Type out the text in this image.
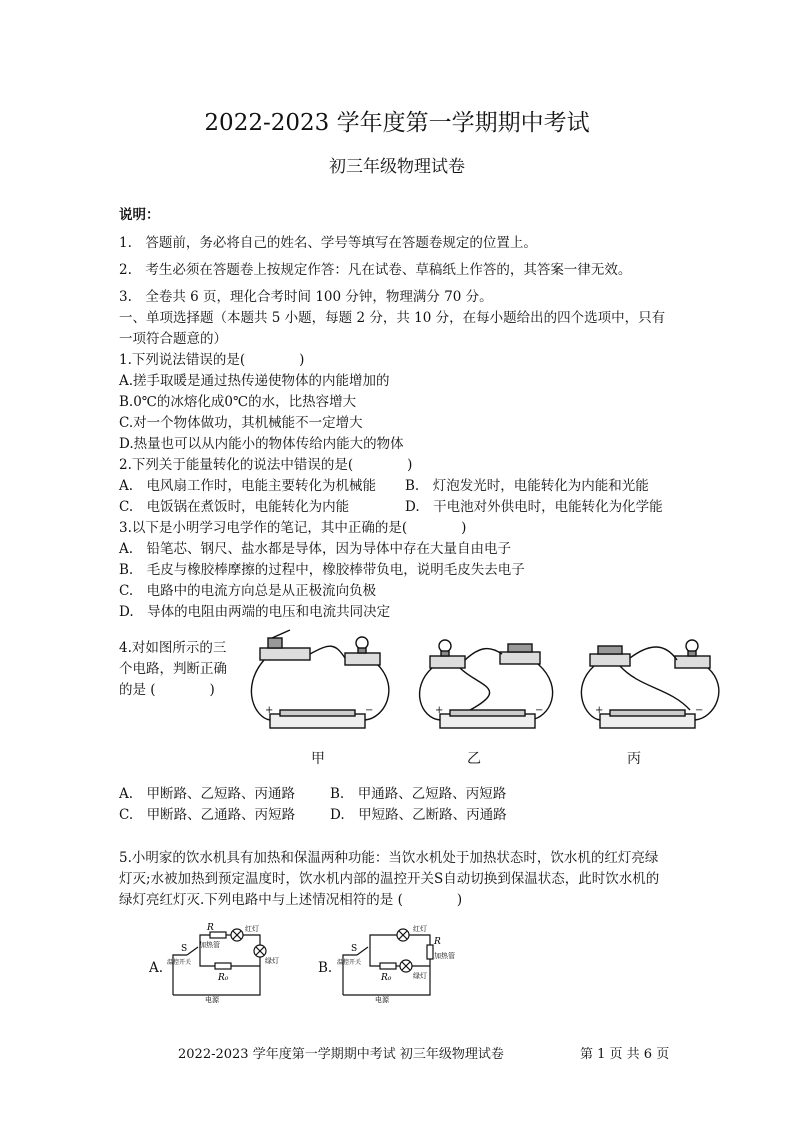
2022-2023 学年度第一学期期中考试
初三年级物理试卷
说明：
1.　答题前，务必将自己的姓名、学号等填写在答题卷规定的位置上。
2.　考生必须在答题卷上按规定作答：凡在试卷、草稿纸上作答的，其答案一律无效。
3.　全卷共 6 页，理化合考时间 100 分钟，物理满分 70 分。
一、单项选择题（本题共 5 小题，每题 2 分，共 10 分，在每小题给出的四个选项中，只有
一项符合题意的）
1.下列说法错误的是(　　　　)
A.搓手取暖是通过热传递使物体的内能增加的
B.0℃的冰熔化成0℃的水，比热容增大
C.对一个物体做功，其机械能不一定增大
D.热量也可以从内能小的物体传给内能大的物体
2.下列关于能量转化的说法中错误的是(　　　　)
A.　电风扇工作时，电能主要转化为机械能 B.　灯泡发光时，电能转化为内能和光能
C.　电饭锅在煮饭时，电能转化为内能	D.　干电池对外供电时，电能转化为化学能
3.以下是小明学习电学作的笔记，其中正确的是(　　　　)
A.　铅笔芯、钢尺、盐水都是导体，因为导体中存在大量自由电子
B.　毛皮与橡胶棒摩擦的过程中，橡胶棒带负电，说明毛皮失去电子
C.　电路中的电流方向总是从正极流向负极
D.　导体的电阻由两端的电压和电流共同决定
4.对如图所示的三
个电路，判断正确
的是 (　　　　)
+	−	+	−	+	−
甲	乙	丙
A.　甲断路、乙短路、丙通路	B.　甲通路、乙短路、丙短路
C.　甲断路、乙通路、丙短路	D.　甲短路、乙断路、丙通路
5.小明家的饮水机具有加热和保温两种功能：当饮水机处于加热状态时，饮水机的红灯亮绿
灯灭;水被加热到预定温度时，饮水机内部的温控开关S自动切换到保温状态，此时饮水机的
绿灯亮红灯灭.下列电路中与上述情况相符的是 (　　　　)
A.	B.
R
加热管
红灯
绿灯
S
温控开关
R₀
电源
红灯
R
加热管
绿灯
S
温控开关
R₀
电源
2022-2023 学年度第一学期期中考试 初三年级物理试卷	第 1 页 共 6 页
